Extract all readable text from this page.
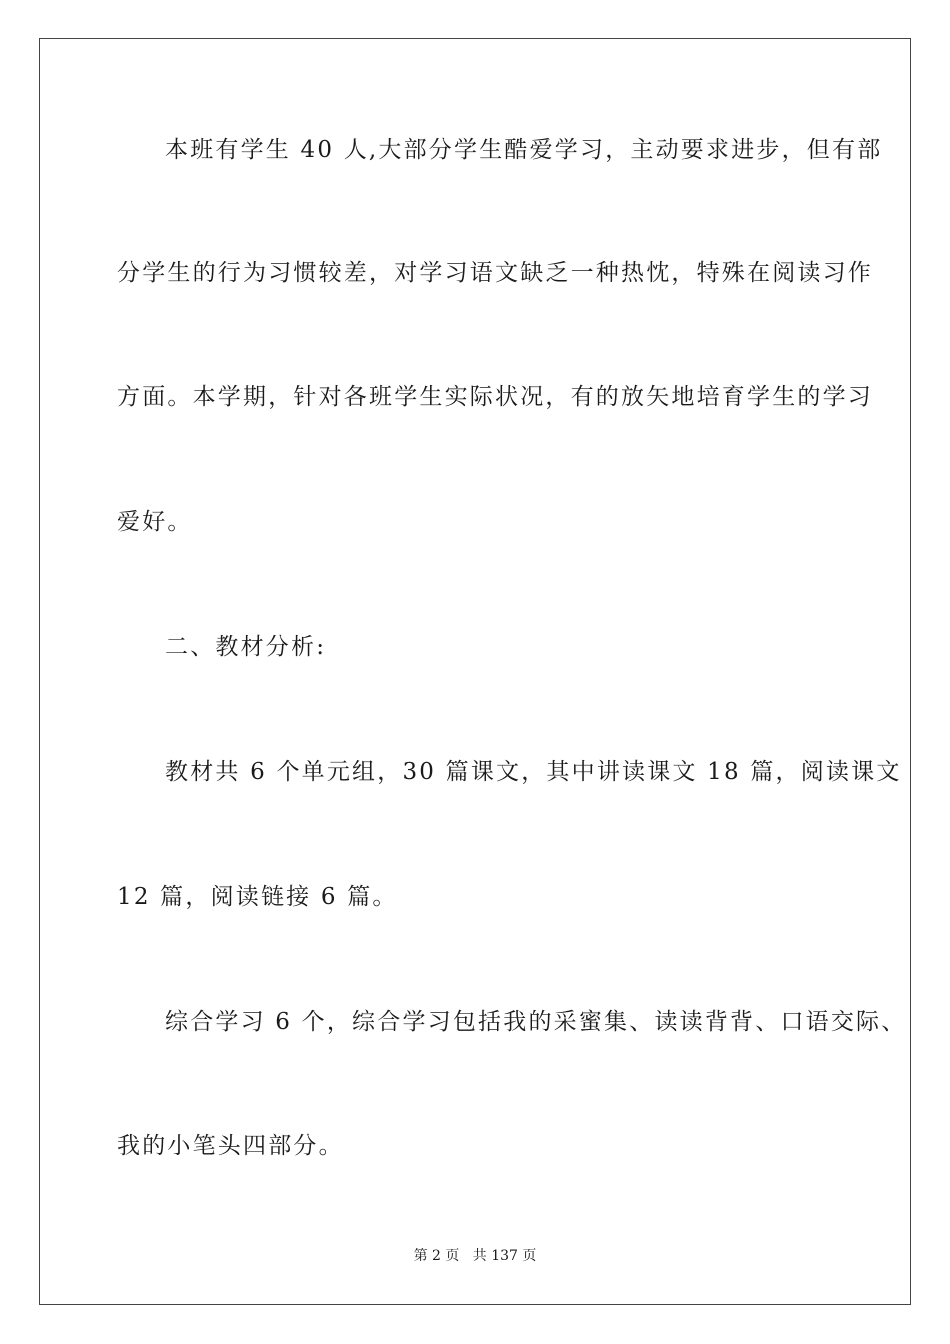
本班有学生 40 人,大部分学生酷爱学习，主动要求进步，但有部
分学生的行为习惯较差，对学习语文缺乏一种热忱，特殊在阅读习作
方面。本学期，针对各班学生实际状况，有的放矢地培育学生的学习
爱好。
二、教材分析:
教材共 6 个单元组，30 篇课文，其中讲读课文 18 篇，阅读课文
12 篇，阅读链接 6 篇。
综合学习 6 个，综合学习包括我的采蜜集、读读背背、口语交际、
我的小笔头四部分。
第 2 页   共 137 页
